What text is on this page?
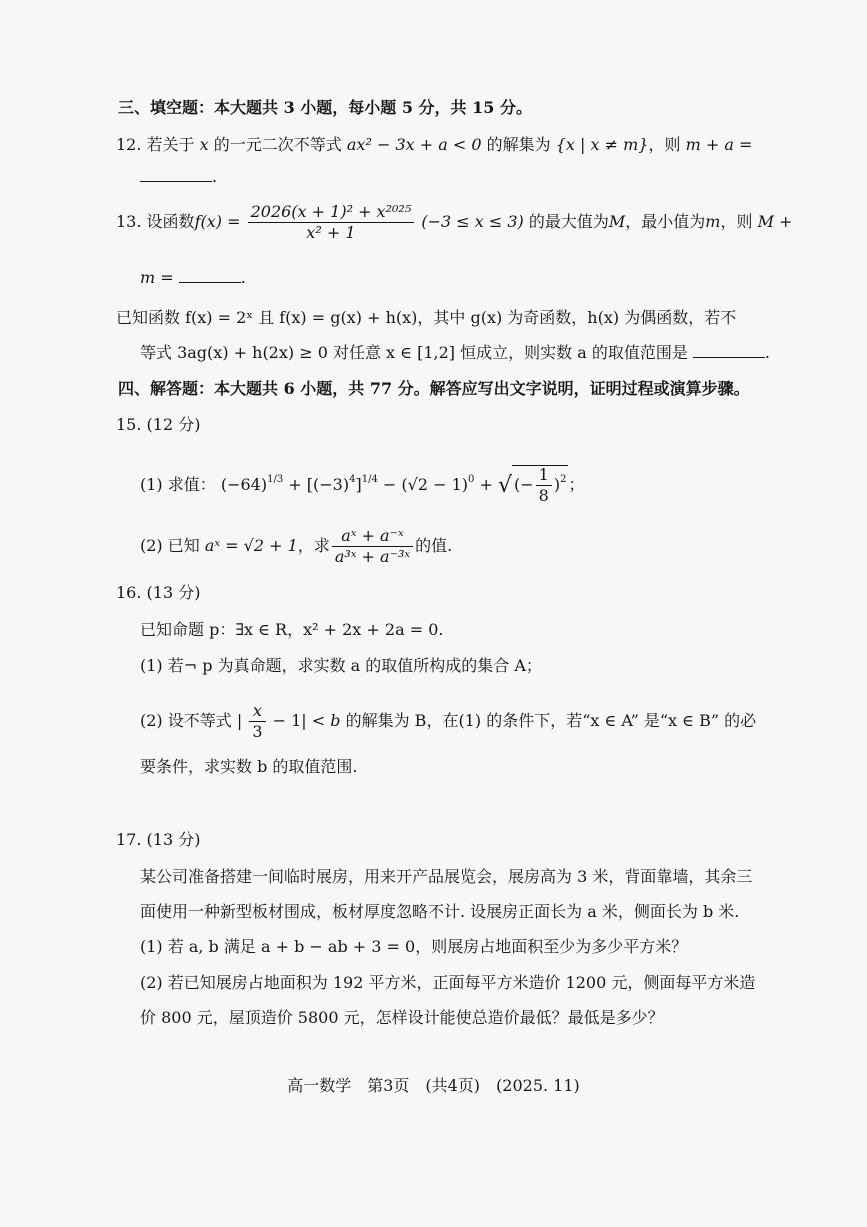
三、填空题：本大题共 3 小题，每小题 5 分，共 15 分。
12. 若关于 x 的一元二次不等式 ax² − 3x + a < 0 的解集为 {x | x ≠ m}，则 m + a =
.
13. 设函数$f(x) = \frac{\text{2026(x + 1)² + x²⁰²⁵}}{\text{x² + 1}} (-3 \le x \le 3)$ 的最大值为M，最小值为m，则 M +
m =	.
已知函数 f(x) = 2ˣ 且 f(x) = g(x) + h(x)，其中 g(x) 为奇函数，h(x) 为偶函数，若不
等式 3ag(x) + h(2x) ≥ 0 对任意 x ∈ [1,2] 恒成立，则实数 a 的取值范围是	.
四、解答题：本大题共 6 小题，共 77 分。解答应写出文字说明，证明过程或演算步骤。
15. (12 分)
(1) 求值： $(-64)^{1/3} + [(-3)^4]^{1/4} - (√2 - 1)^0$ + √ (− $\frac{1}{8} )^2$ ；
(2) 已知 aˣ = √2 + 1，求 $\frac{\text{aˣ + a⁻ˣ}}{\text{a³ˣ + a⁻³ˣ}}$ 的值.
16. (13 分)
已知命题 p：∃x ∈ R，x² + 2x + 2a = 0.
(1) 若¬ p 为真命题，求实数 a 的取值所构成的集合 A；
(2) 设不等式 | $\frac{x}{3} - 1| < b$ 的解集为 B，在(1) 的条件下，若“x ∈ A” 是“x ∈ B” 的必
要条件，求实数 b 的取值范围.
17. (13 分)
某公司准备搭建一间临时展房，用来开产品展览会，展房高为 3 米，背面靠墙，其余三
面使用一种新型板材围成，板材厚度忽略不计. 设展房正面长为 a 米，侧面长为 b 米.
(1) 若 a, b 满足 a + b − ab + 3 = 0，则展房占地面积至少为多少平方米？
(2) 若已知展房占地面积为 192 平方米，正面每平方米造价 1200 元，侧面每平方米造
价 800 元，屋顶造价 5800 元，怎样设计能使总造价最低？最低是多少？
高一数学　第3页　(共4页)　(2025. 11)
